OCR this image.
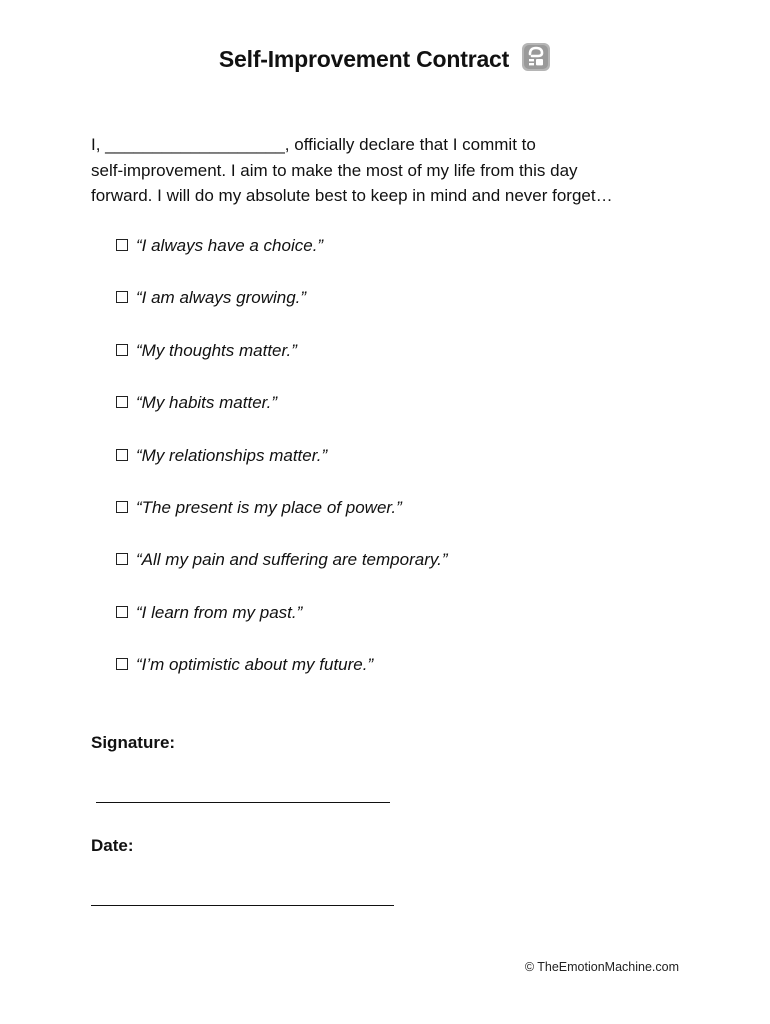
Self-Improvement Contract

I, ___________________, officially declare that I commit to

self-improvement. I aim to make the most of my life from this day

forward. I will do my absolute best to keep in mind and never forget…

“I always have a choice.”
“I am always growing.”
“My thoughts matter.”
“My habits matter.”
“My relationships matter.”
“The present is my place of power.”
“All my pain and suffering are temporary.”
“I learn from my past.”
“I’m optimistic about my future.”
Signature:
Date:
© TheEmotionMachine.com
